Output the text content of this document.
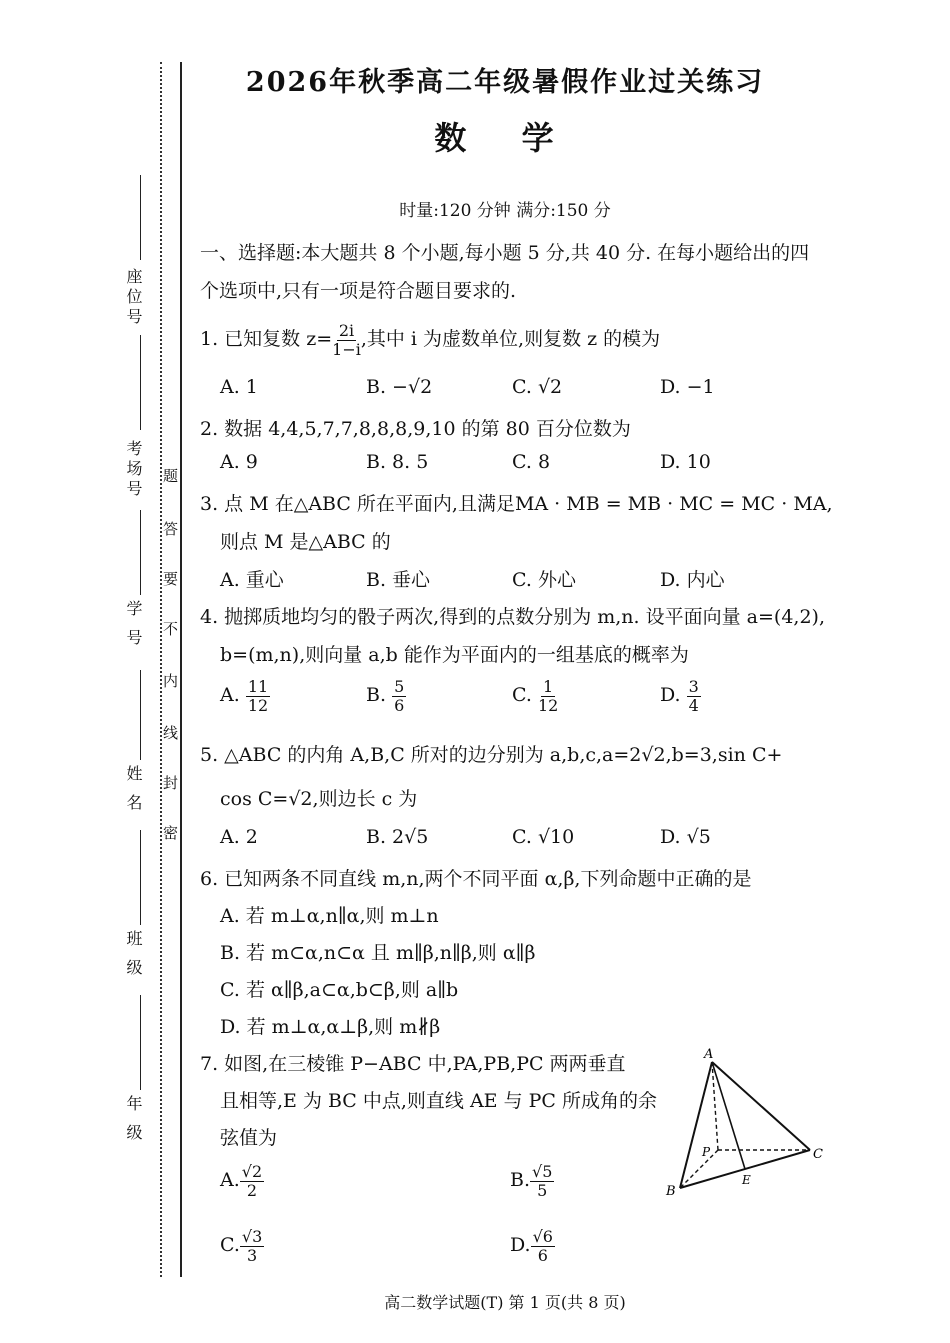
座位号
考场号
学 号
姓 名
班 级
年 级
题
答
要
不
内
线
封
密
2026年秋季高二年级暑假作业过关练习
数 学
时量:120 分钟 满分:150 分
一、选择题:本大题共 8 个小题,每小题 5 分,共 40 分. 在每小题给出的四
个选项中,只有一项是符合题目要求的.
1. 已知复数 $z= \frac{2i}{1-i}$ ,其中 i 为虚数单位,则复数 z 的模为
A. 1	B. −√2	C. √2	D. −1
2. 数据 4,4,5,7,7,8,8,8,9,10 的第 80 百分位数为
A. 9	B. 8. 5	C. 8	D. 10
3. 点 M 在△ABC 所在平面内,且满足MA · MB = MB · MC = MC · MA,
则点 M 是△ABC 的
A. 重心	B. 垂心	C. 外心	D. 内心
4. 抛掷质地均匀的骰子两次,得到的点数分别为 m,n. 设平面向量 a=(4,2),
b=(m,n),则向量 a,b 能作为平面内的一组基底的概率为
A. $\frac{11}{12}$	B. $\frac{5}{6}$	C. $\frac{1}{12}$	D. $\frac{3}{4}$
5. △ABC 的内角 A,B,C 所对的边分别为 a,b,c,a=2√2,b=3,sin C+
cos C=√2,则边长 c 为
A. 2	B. 2√5	C. √10	D. √5
6. 已知两条不同直线 m,n,两个不同平面 α,β,下列命题中正确的是
A. 若 m⊥α,n∥α,则 m⊥n
B. 若 m⊂α,n⊂α 且 m∥β,n∥β,则 α∥β
C. 若 α∥β,a⊂α,b⊂β,则 a∥b
D. 若 m⊥α,α⊥β,则 m∦β
7. 如图,在三棱锥 P−ABC 中,PA,PB,PC 两两垂直
且相等,E 为 BC 中点,则直线 AE 与 PC 所成角的余
弦值为
A. $\frac{√2}{2}$	B. $\frac{√5}{5}$
C. $\frac{√3}{3}$	D. $\frac{√6}{6}$
A
P
B
C
E
高二数学试题(T) 第 1 页(共 8 页)
